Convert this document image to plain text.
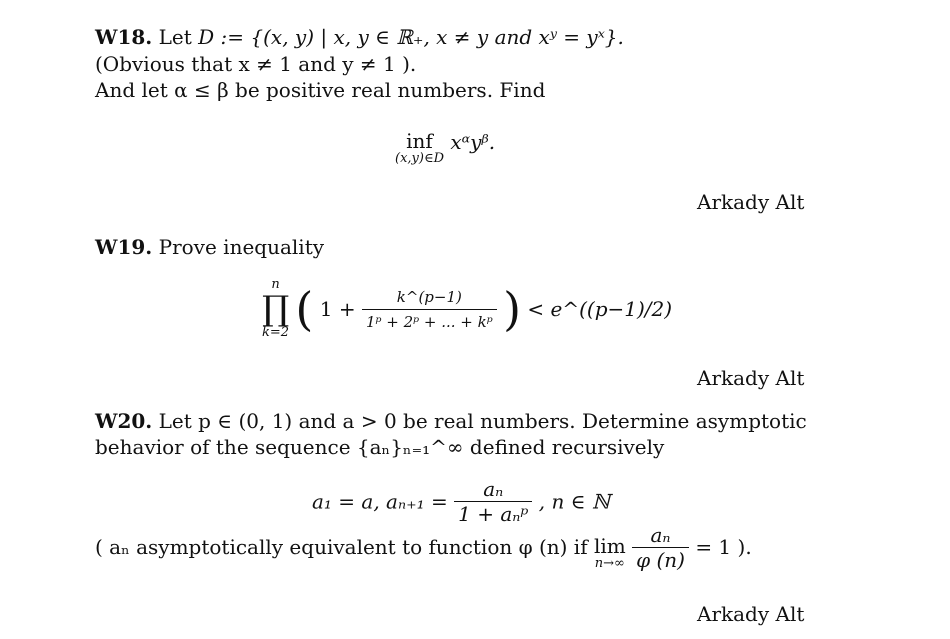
W18. Let D := {(x, y) | x, y ∈ ℝ₊, x ≠ y and xʸ = yˣ}.
(Obvious that x ≠ 1 and y ≠ 1 ).
And let α ≤ β be positive real numbers. Find
inf
(x,y)∈D
xᵅyᵝ.
Arkady Alt
W19. Prove inequality
n
∏
k=2 ( $1 + \frac{k\^{}(p-1)}{\text{1ᵖ + 2ᵖ + ... + kᵖ}}$ ) < e^((p−1)/2)
Arkady Alt
W20. Let p ∈ (0, 1) and a > 0 be real numbers. Determine asymptotic
behavior of the sequence {aₙ}ₙ₌₁^∞ defined recursively
a₁ = a, $a_{n+1} = \frac{\text{aₙ}}{\text{1 + aₙᵖ}}$ , n ∈ ℕ
( aₙ asymptotically equivalent to function φ (n) if lim
n→∞
$\frac{\text{aₙ}}{\varphi (n)} = 1$ ).
Arkady Alt
